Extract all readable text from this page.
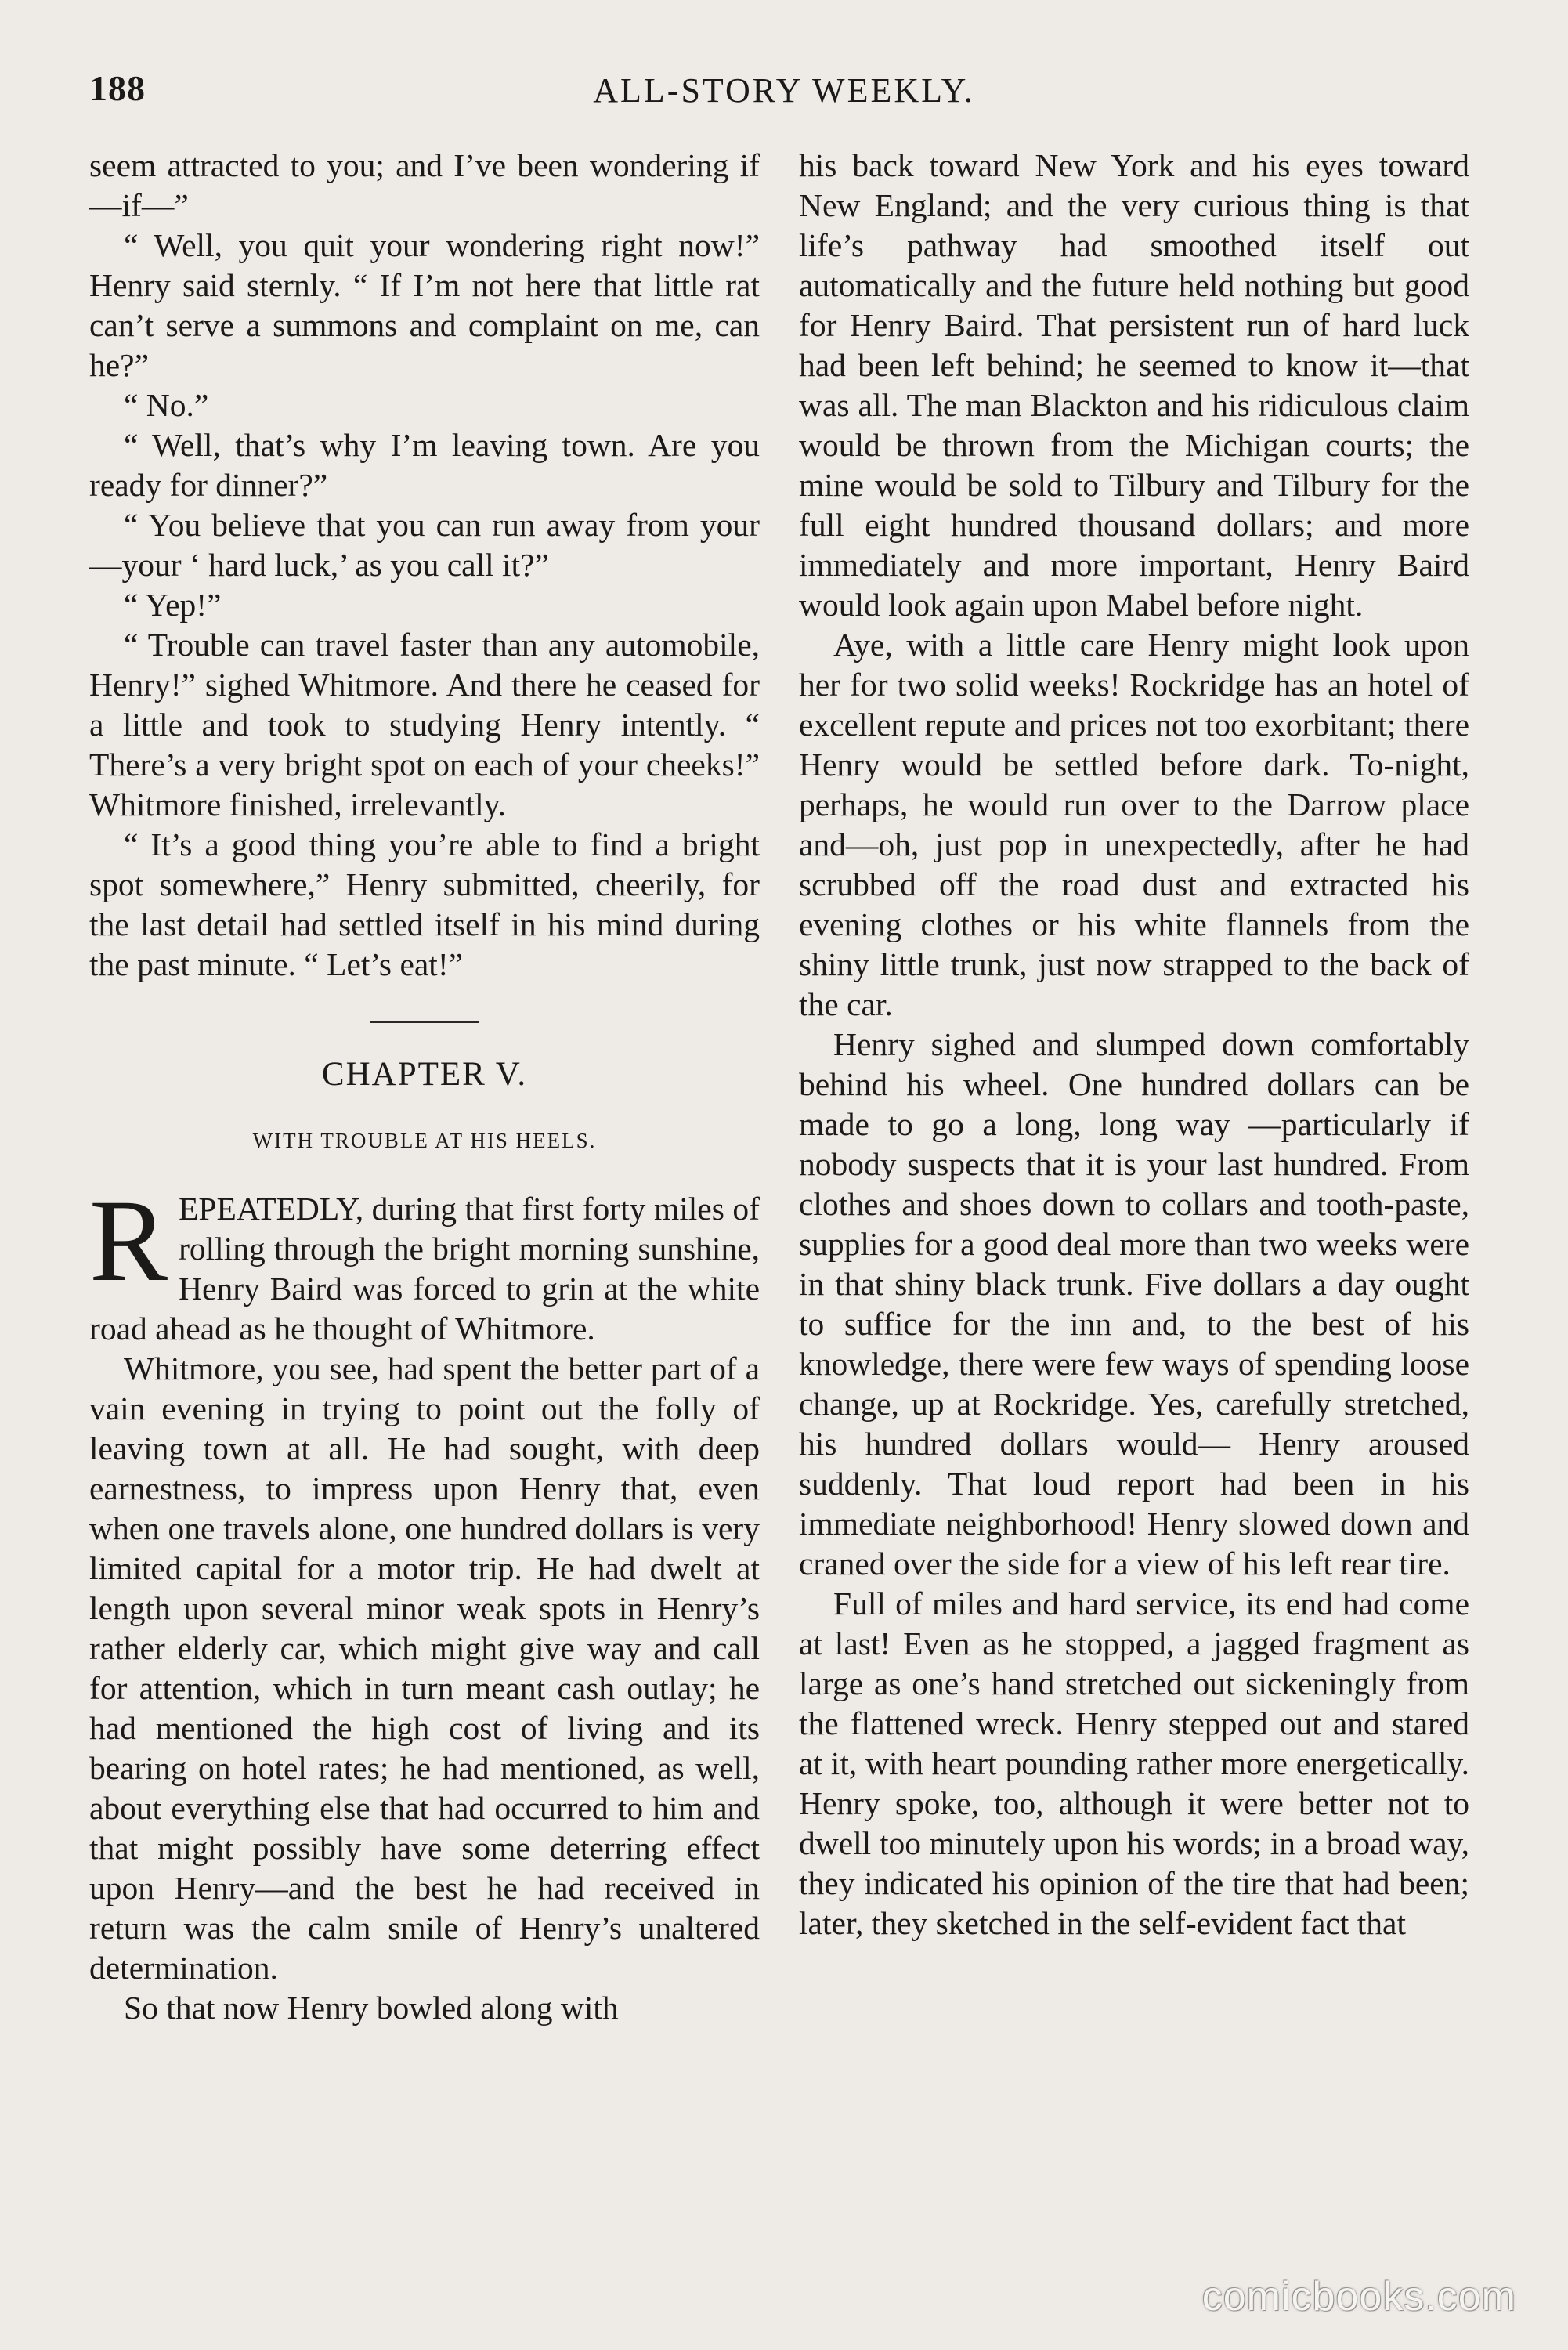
188	ALL-STORY WEEKLY.

seem attracted to you; and I’ve been wondering if—if—”

“ Well, you quit your wondering right now!” Henry said sternly. “ If I’m not here that little rat can’t serve a summons and complaint on me, can he?”

“ No.”

“ Well, that’s why I’m leaving town. Are you ready for dinner?”

“ You believe that you can run away from your—your ‘ hard luck,’ as you call it?”

“ Yep!”

“ Trouble can travel faster than any automobile, Henry!” sighed Whitmore. And there he ceased for a little and took to studying Henry intently. “ There’s a very bright spot on each of your cheeks!” Whitmore finished, irrelevantly.

“ It’s a good thing you’re able to find a bright spot somewhere,” Henry submitted, cheerily, for the last detail had settled itself in his mind during the past minute. “ Let’s eat!”

CHAPTER V.
WITH TROUBLE AT HIS HEELS.

REPEATEDLY, during that first forty miles of rolling through the bright morning sunshine, Henry Baird was forced to grin at the white road ahead as he thought of Whitmore.

Whitmore, you see, had spent the better part of a vain evening in trying to point out the folly of leaving town at all. He had sought, with deep earnestness, to impress upon Henry that, even when one travels alone, one hundred dollars is very limited capital for a motor trip. He had dwelt at length upon several minor weak spots in Henry’s rather elderly car, which might give way and call for attention, which in turn meant cash outlay; he had mentioned the high cost of living and its bearing on hotel rates; he had mentioned, as well, about everything else that had occurred to him and that might possibly have some deterring effect upon Henry—and the best he had received in return was the calm smile of Henry’s unaltered determination.

So that now Henry bowled along with

his back toward New York and his eyes toward New England; and the very curious thing is that life’s pathway had smoothed itself out automatically and the future held nothing but good for Henry Baird. That persistent run of hard luck had been left behind; he seemed to know it—that was all. The man Blackton and his ridiculous claim would be thrown from the Michigan courts; the mine would be sold to Tilbury and Tilbury for the full eight hundred thousand dollars; and more immediately and more important, Henry Baird would look again upon Mabel before night.

Aye, with a little care Henry might look upon her for two solid weeks! Rockridge has an hotel of excellent repute and prices not too exorbitant; there Henry would be settled before dark. To-night, perhaps, he would run over to the Darrow place and—oh, just pop in unexpectedly, after he had scrubbed off the road dust and extracted his evening clothes or his white flannels from the shiny little trunk, just now strapped to the back of the car.

Henry sighed and slumped down comfortably behind his wheel. One hundred dollars can be made to go a long, long way —particularly if nobody suspects that it is your last hundred. From clothes and shoes down to collars and tooth-paste, supplies for a good deal more than two weeks were in that shiny black trunk. Five dollars a day ought to suffice for the inn and, to the best of his knowledge, there were few ways of spending loose change, up at Rockridge. Yes, carefully stretched, his hundred dollars would— Henry aroused suddenly. That loud report had been in his immediate neighborhood! Henry slowed down and craned over the side for a view of his left rear tire.

Full of miles and hard service, its end had come at last! Even as he stopped, a jagged fragment as large as one’s hand stretched out sickeningly from the flattened wreck. Henry stepped out and stared at it, with heart pounding rather more energetically. Henry spoke, too, although it were better not to dwell too minutely upon his words; in a broad way, they indicated his opinion of the tire that had been; later, they sketched in the self-evident fact that

comicbooks.com
